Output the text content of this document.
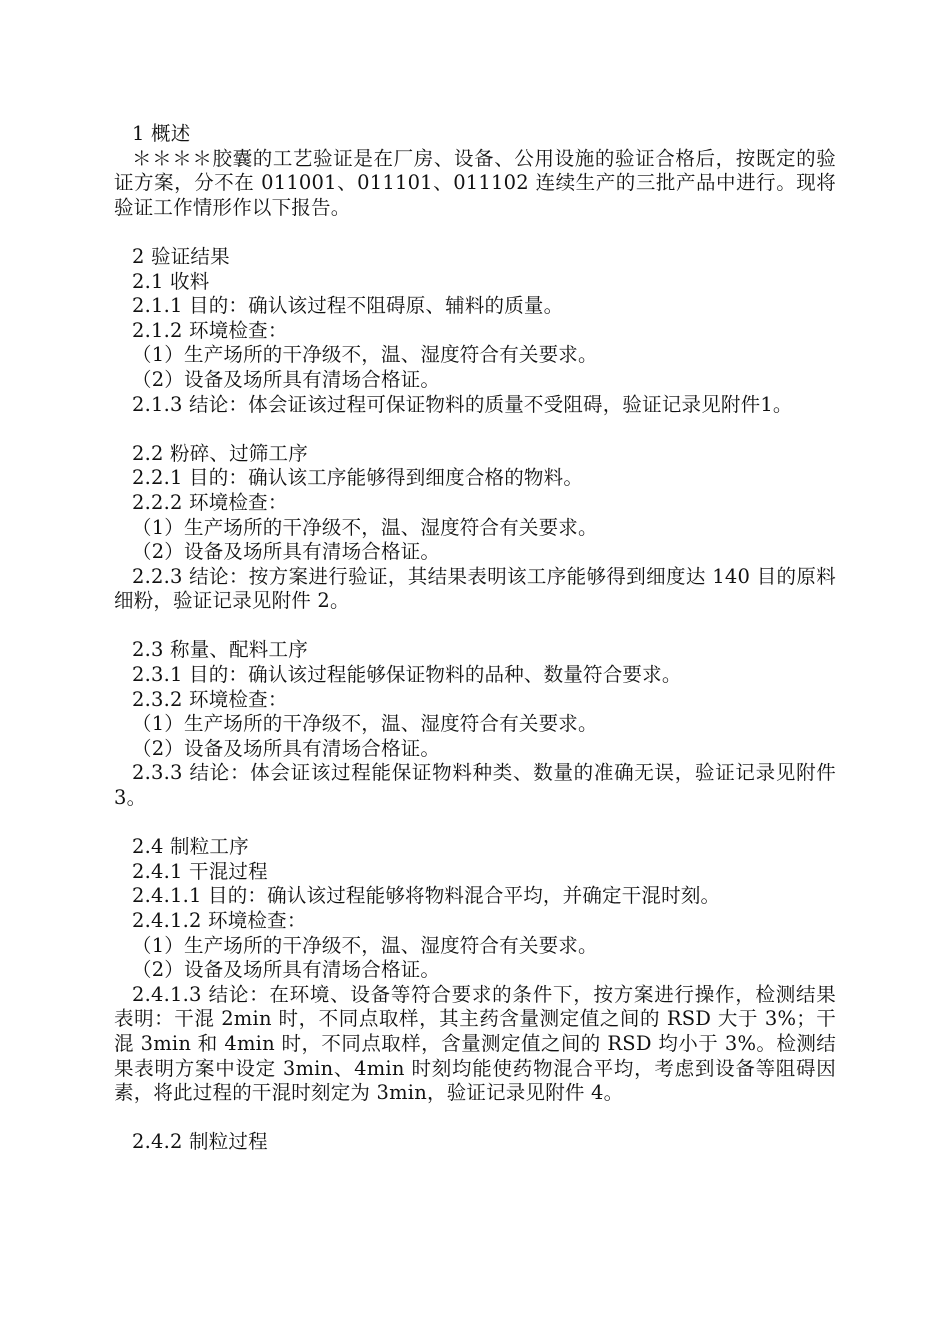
1 概述

＊＊＊＊胶囊的工艺验证是在厂房、设备、公用设施的验证合格后，按既定的验证方案，分不在 011001、011101、011102 连续生产的三批产品中进行。现将验证工作情形作以下报告。

2 验证结果

2.1 收料

2.1.1 目的：确认该过程不阻碍原、辅料的质量。

2.1.2 环境检查：

（1）生产场所的干净级不，温、湿度符合有关要求。

（2）设备及场所具有清场合格证。

2.1.3 结论：体会证该过程可保证物料的质量不受阻碍，验证记录见附件1。

2.2 粉碎、过筛工序

2.2.1 目的：确认该工序能够得到细度合格的物料。

2.2.2 环境检查：

（1）生产场所的干净级不，温、湿度符合有关要求。

（2）设备及场所具有清场合格证。

2.2.3 结论：按方案进行验证，其结果表明该工序能够得到细度达 140 目的原料细粉，验证记录见附件 2。

2.3 称量、配料工序

2.3.1 目的：确认该过程能够保证物料的品种、数量符合要求。

2.3.2 环境检查：

（1）生产场所的干净级不，温、湿度符合有关要求。

（2）设备及场所具有清场合格证。

2.3.3 结论：体会证该过程能保证物料种类、数量的准确无误，验证记录见附件 3。

2.4 制粒工序

2.4.1 干混过程

2.4.1.1 目的：确认该过程能够将物料混合平均，并确定干混时刻。

2.4.1.2 环境检查：

（1）生产场所的干净级不，温、湿度符合有关要求。

（2）设备及场所具有清场合格证。

2.4.1.3 结论：在环境、设备等符合要求的条件下，按方案进行操作，检测结果表明：干混 2min 时，不同点取样，其主药含量测定值之间的 RSD 大于 3%；干混 3min 和 4min 时，不同点取样，含量测定值之间的 RSD 均小于 3%。检测结果表明方案中设定 3min、4min 时刻均能使药物混合平均，考虑到设备等阻碍因素，将此过程的干混时刻定为 3min，验证记录见附件 4。

2.4.2 制粒过程
